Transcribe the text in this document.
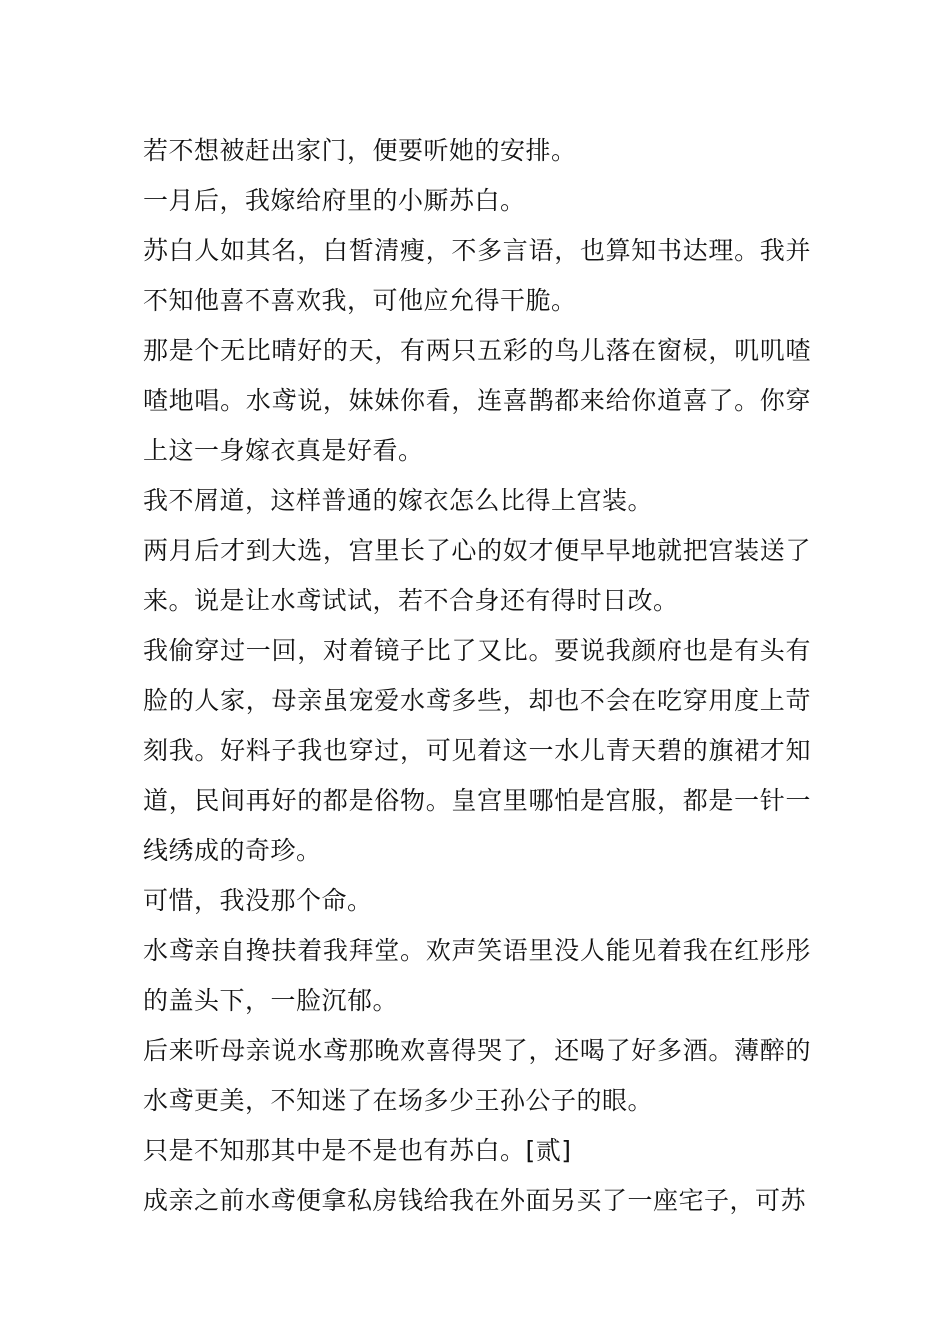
若不想被赶出家门，便要听她的安排。

一月后，我嫁给府里的小厮苏白。

苏白人如其名，白皙清瘦，不多言语，也算知书达理。我并不知他喜不喜欢我，可他应允得干脆。

那是个无比晴好的天，有两只五彩的鸟儿落在窗棂，叽叽喳喳地唱。水鸢说，妹妹你看，连喜鹊都来给你道喜了。你穿上这一身嫁衣真是好看。

我不屑道，这样普通的嫁衣怎么比得上宫装。

两月后才到大选，宫里长了心的奴才便早早地就把宫装送了来。说是让水鸢试试，若不合身还有得时日改。

我偷穿过一回，对着镜子比了又比。要说我颜府也是有头有脸的人家，母亲虽宠爱水鸢多些，却也不会在吃穿用度上苛刻我。好料子我也穿过，可见着这一水儿青天碧的旗裙才知道，民间再好的都是俗物。皇宫里哪怕是宫服，都是一针一线绣成的奇珍。

可惜，我没那个命。

水鸢亲自搀扶着我拜堂。欢声笑语里没人能见着我在红彤彤的盖头下，一脸沉郁。

后来听母亲说水鸢那晚欢喜得哭了，还喝了好多酒。薄醉的水鸢更美，不知迷了在场多少王孙公子的眼。

只是不知那其中是不是也有苏白。[贰]

成亲之前水鸢便拿私房钱给我在外面另买了一座宅子，可苏
